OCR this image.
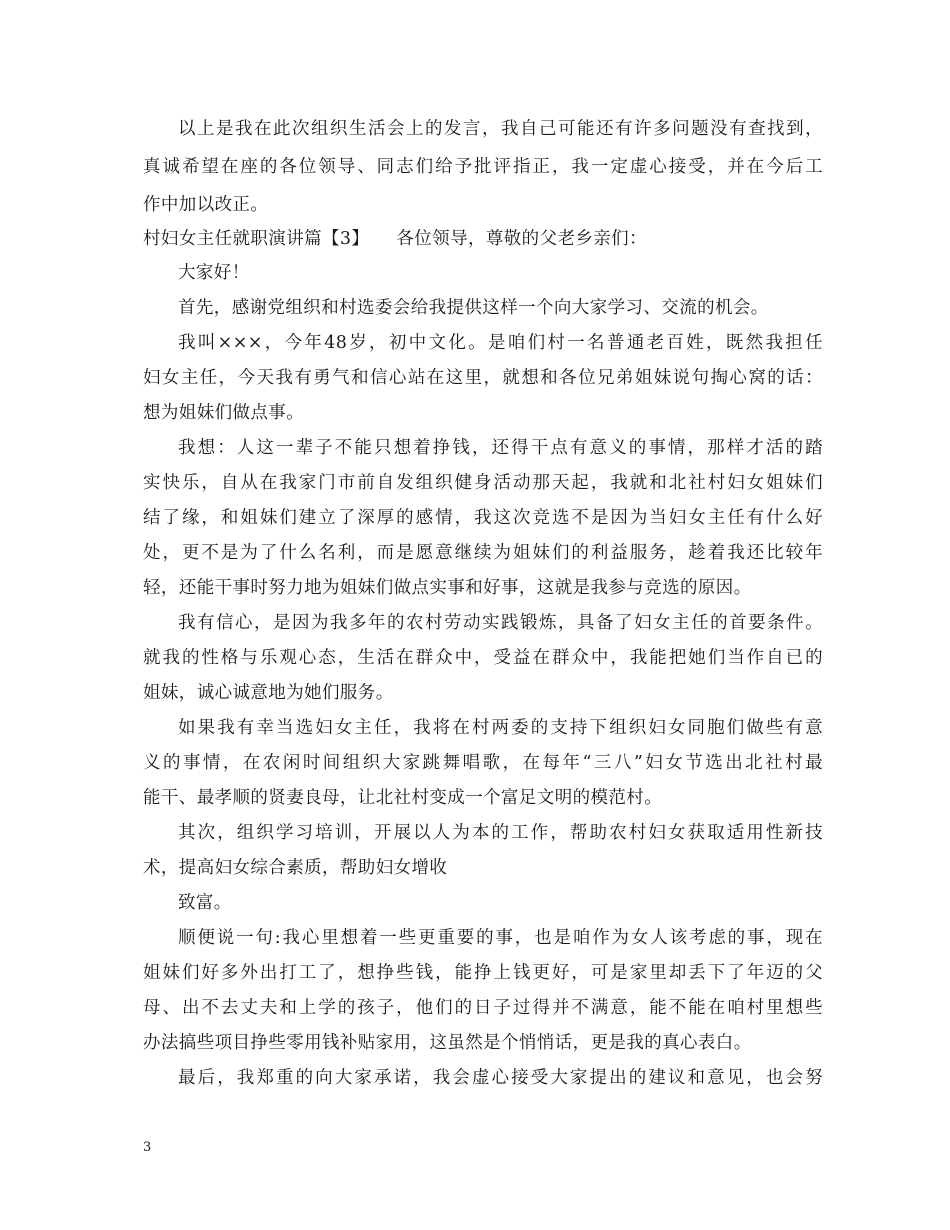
以上是我在此次组织生活会上的发言，我自己可能还有许多问题没有查找到，
真诚希望在座的各位领导、同志们给予批评指正，我一定虚心接受，并在今后工
作中加以改正。
村妇女主任就职演讲篇【3】　　各位领导，尊敬的父老乡亲们：
大家好！
首先，感谢党组织和村选委会给我提供这样一个向大家学习、交流的机会。
我叫×××，今年48岁，初中文化。是咱们村一名普通老百姓，既然我担任
妇女主任，今天我有勇气和信心站在这里，就想和各位兄弟姐妹说句掏心窝的话：
想为姐妹们做点事。
我想：人这一辈子不能只想着挣钱，还得干点有意义的事情，那样才活的踏
实快乐，自从在我家门市前自发组织健身活动那天起，我就和北社村妇女姐妹们
结了缘，和姐妹们建立了深厚的感情，我这次竞选不是因为当妇女主任有什么好
处，更不是为了什么名利，而是愿意继续为姐妹们的利益服务，趁着我还比较年
轻，还能干事时努力地为姐妹们做点实事和好事，这就是我参与竞选的原因。
我有信心，是因为我多年的农村劳动实践锻炼，具备了妇女主任的首要条件。
就我的性格与乐观心态，生活在群众中，受益在群众中，我能把她们当作自已的
姐妹，诚心诚意地为她们服务。
如果我有幸当选妇女主任，我将在村两委的支持下组织妇女同胞们做些有意
义的事情，在农闲时间组织大家跳舞唱歌，在每年“三八”妇女节选出北社村最
能干、最孝顺的贤妻良母，让北社村变成一个富足文明的模范村。
其次，组织学习培训，开展以人为本的工作，帮助农村妇女获取适用性新技
术，提高妇女综合素质，帮助妇女增收
致富。
顺便说一句:我心里想着一些更重要的事，也是咱作为女人该考虑的事，现在
姐妹们好多外出打工了，想挣些钱，能挣上钱更好，可是家里却丢下了年迈的父
母、出不去丈夫和上学的孩子，他们的日子过得并不满意，能不能在咱村里想些
办法搞些项目挣些零用钱补贴家用，这虽然是个悄悄话，更是我的真心表白。
最后，我郑重的向大家承诺，我会虚心接受大家提出的建议和意见，也会努
3
